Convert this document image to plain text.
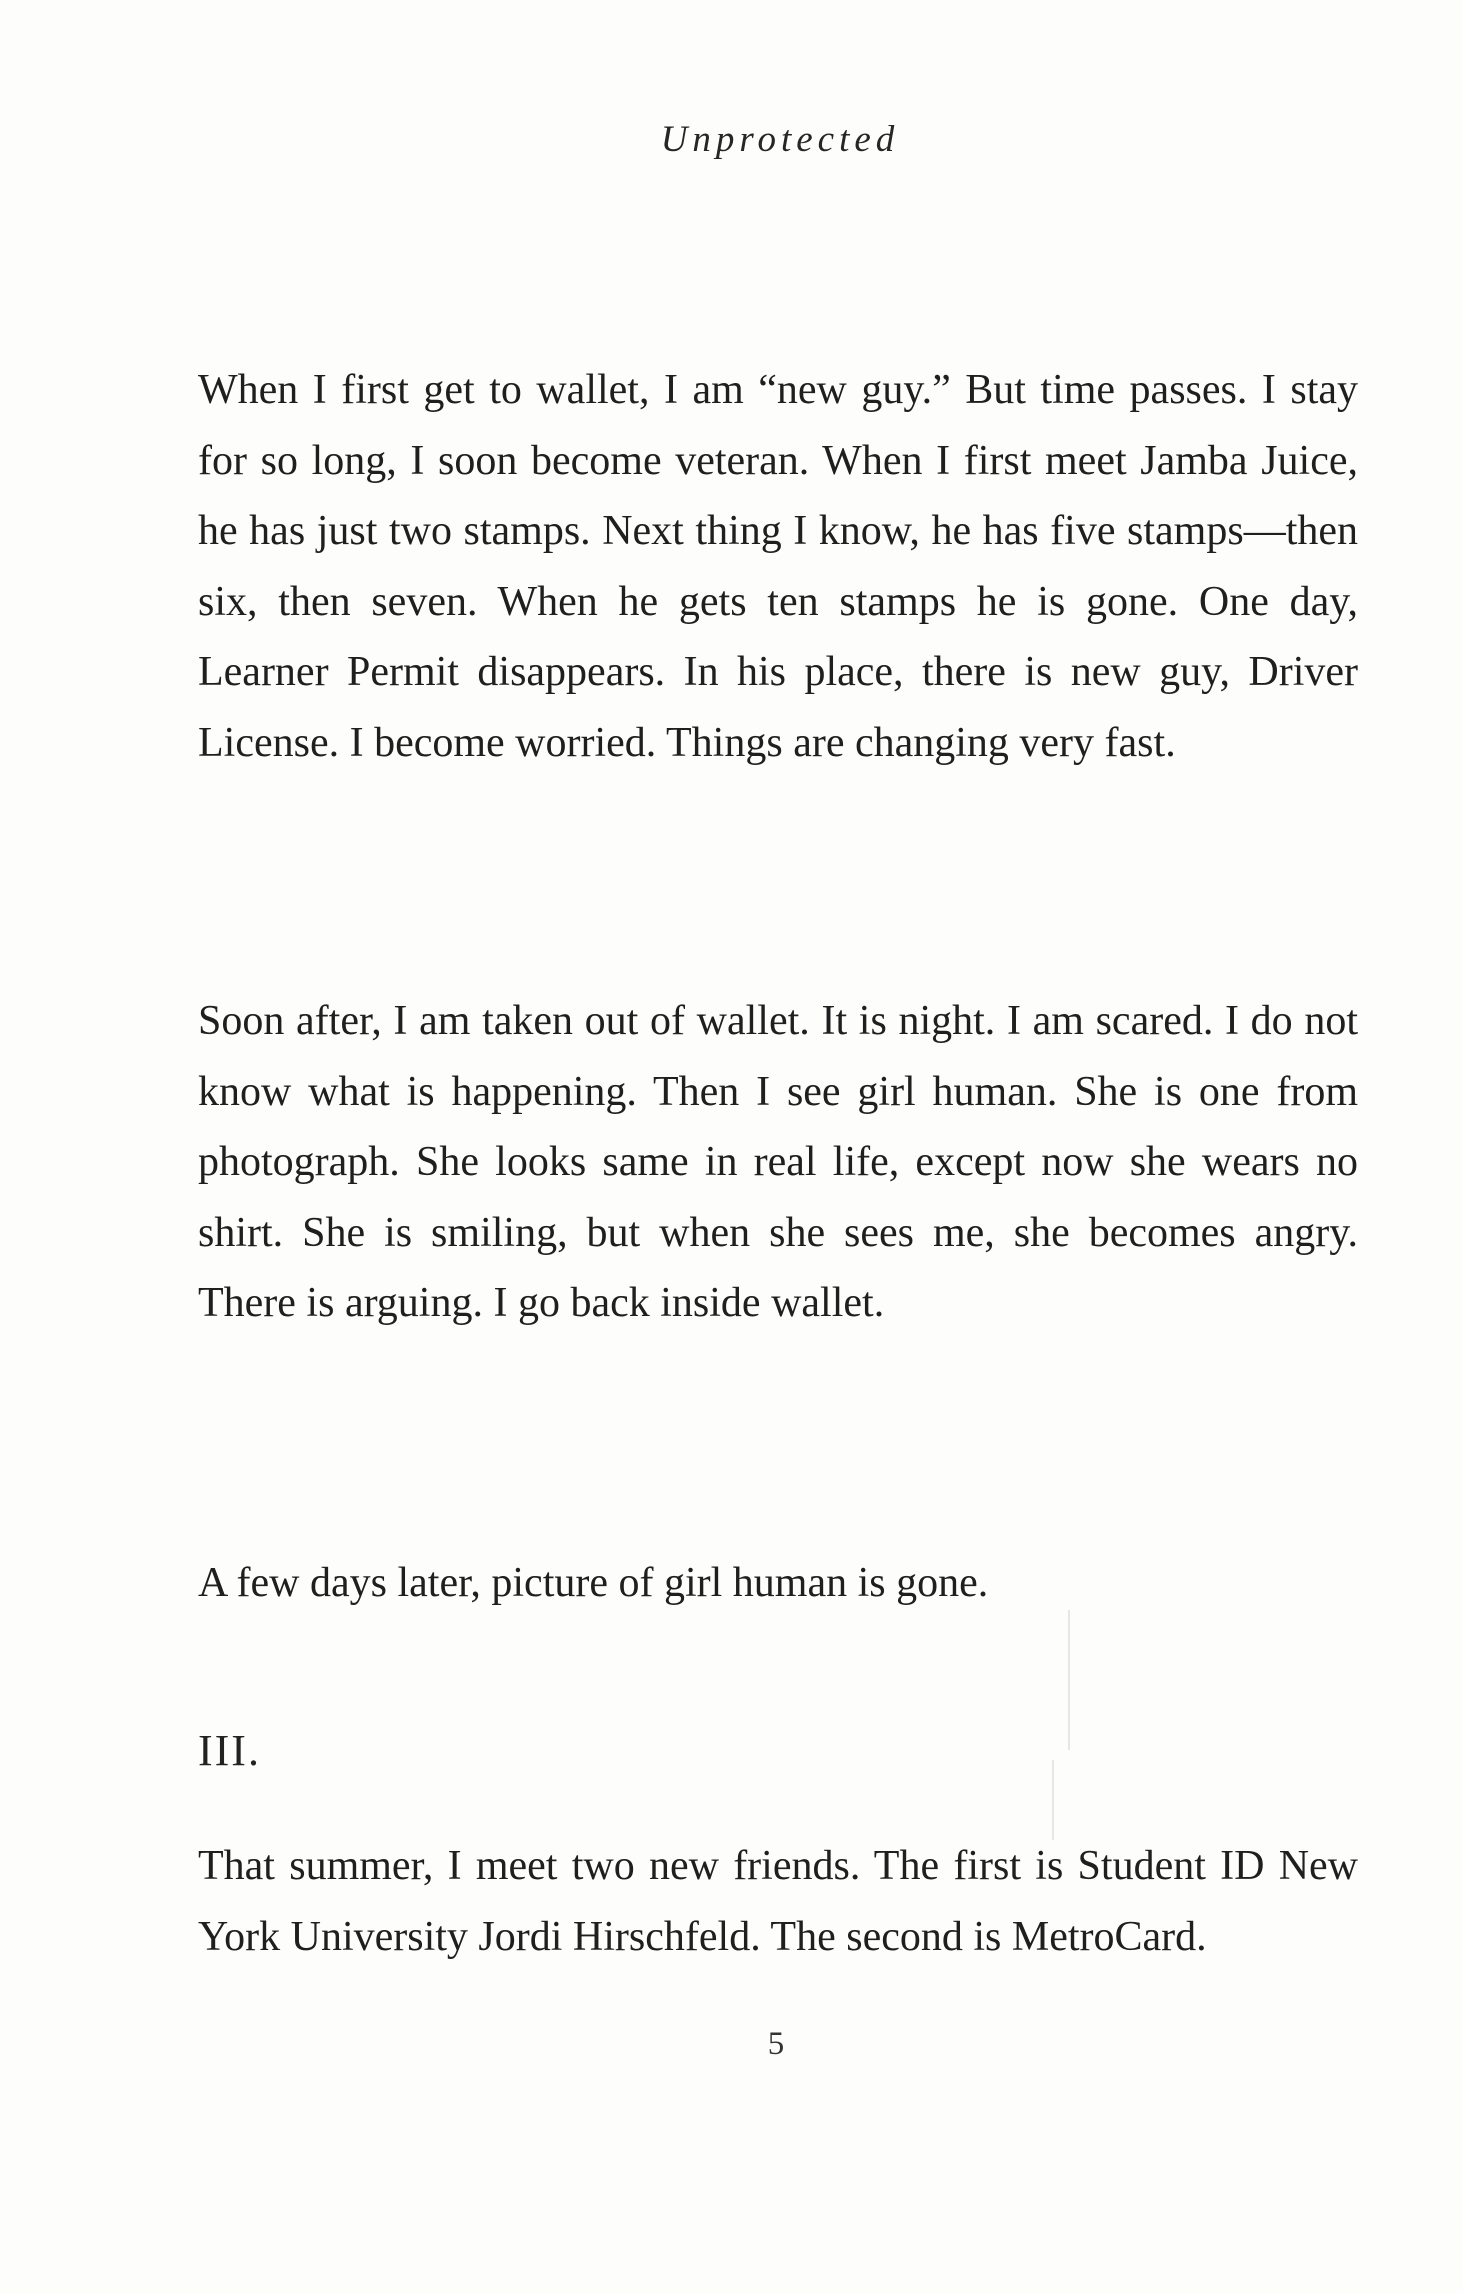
Unprotected

When I first get to wallet, I am “new guy.” But time passes. I stay for so long, I soon become veteran. When I first meet Jamba Juice, he has just two stamps. Next thing I know, he has five stamps—then six, then seven. When he gets ten stamps he is gone. One day, Learner Permit disappears. In his place, there is new guy, Driver License. I become worried. Things are changing very fast.

Soon after, I am taken out of wallet. It is night. I am scared. I do not know what is happening. Then I see girl human. She is one from photograph. She looks same in real life, except now she wears no shirt. She is smiling, but when she sees me, she becomes angry. There is arguing. I go back inside wallet.

A few days later, picture of girl human is gone.

III.

That summer, I meet two new friends. The first is Student ID New York University Jordi Hirschfeld. The second is MetroCard.

5
